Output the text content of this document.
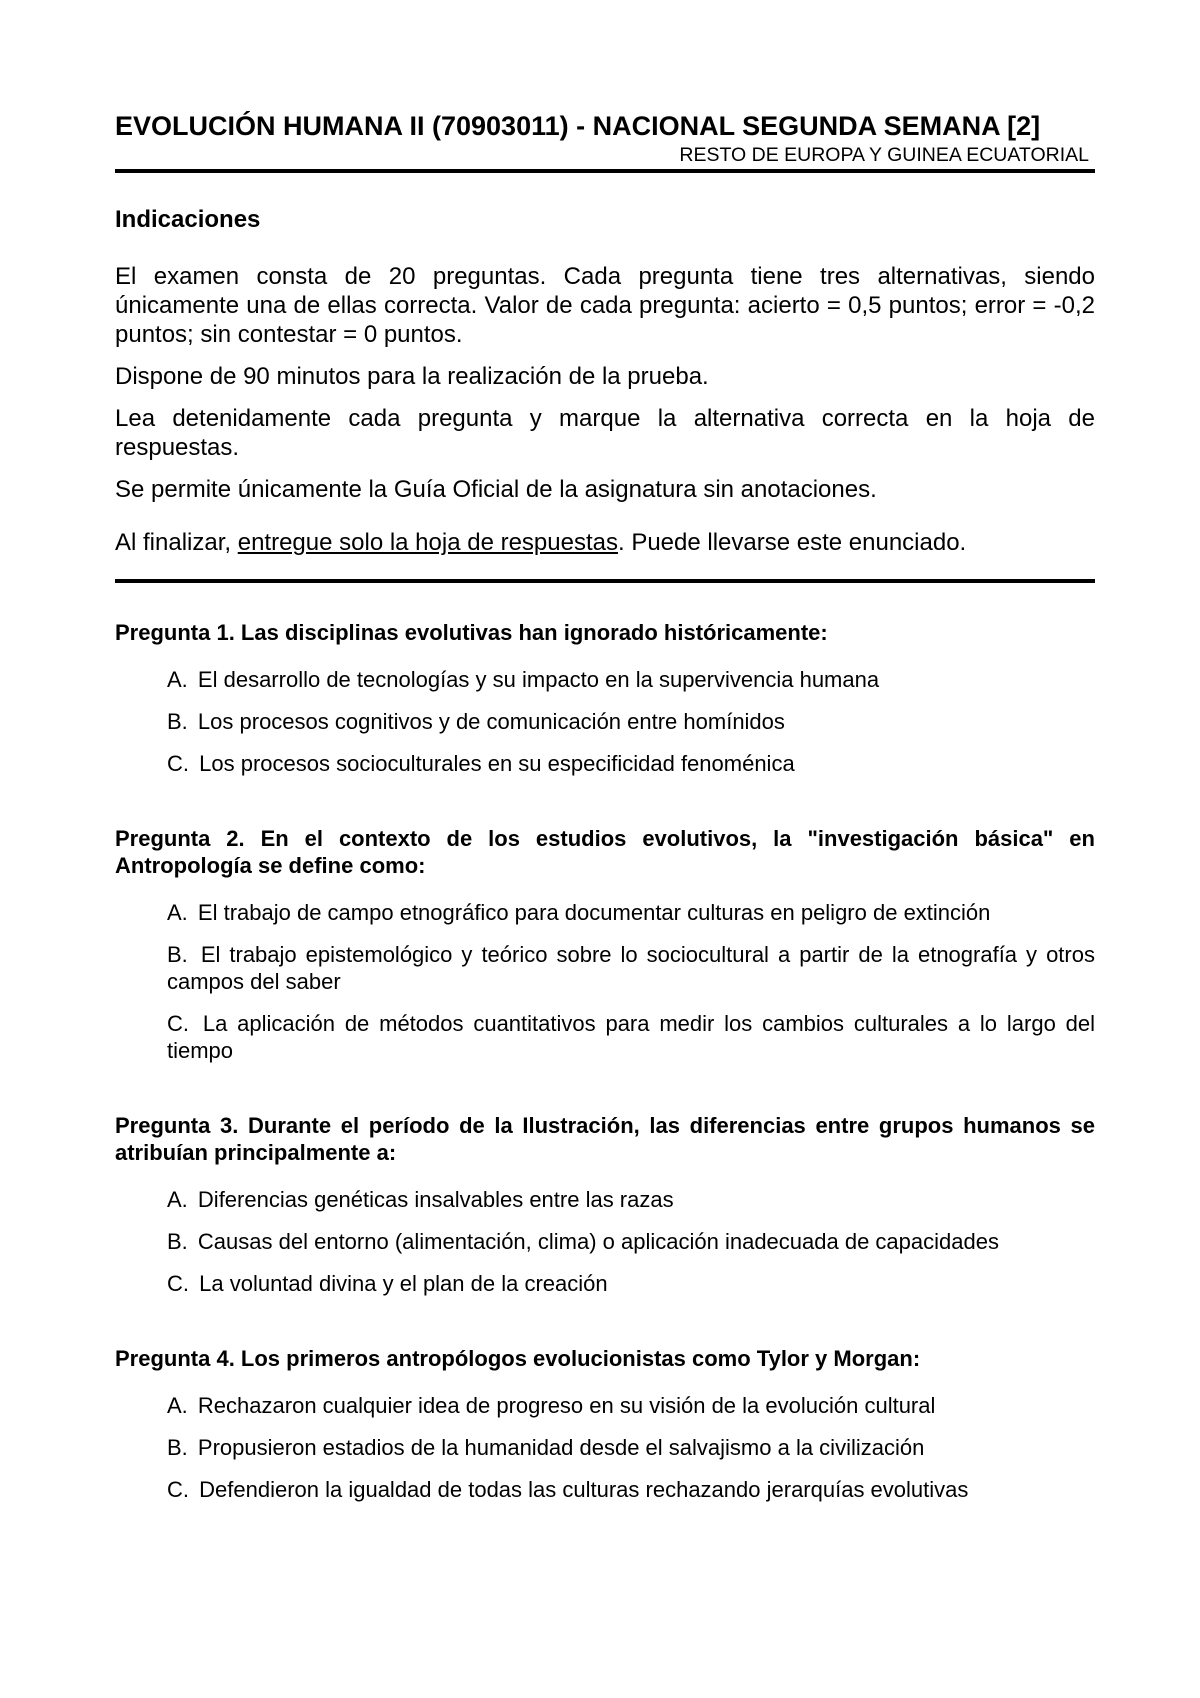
EVOLUCIÓN HUMANA II (70903011) - NACIONAL SEGUNDA SEMANA [2]
RESTO DE EUROPA Y GUINEA ECUATORIAL
Indicaciones

El examen consta de 20 preguntas. Cada pregunta tiene tres alternativas, siendo únicamente una de ellas correcta. Valor de cada pregunta: acierto = 0,5 puntos; error = -0,2 puntos; sin contestar = 0 puntos.

Dispone de 90 minutos para la realización de la prueba.

Lea detenidamente cada pregunta y marque la alternativa correcta en la hoja de respuestas.

Se permite únicamente la Guía Oficial de la asignatura sin anotaciones.

Al finalizar, entregue solo la hoja de respuestas. Puede llevarse este enunciado.

Pregunta 1. Las disciplinas evolutivas han ignorado históricamente:
A. El desarrollo de tecnologías y su impacto en la supervivencia humana
B. Los procesos cognitivos y de comunicación entre homínidos
C. Los procesos socioculturales en su especificidad fenoménica
Pregunta 2. En el contexto de los estudios evolutivos, la "investigación básica" en Antropología se define como:
A. El trabajo de campo etnográfico para documentar culturas en peligro de extinción
B. El trabajo epistemológico y teórico sobre lo sociocultural a partir de la etnografía y otros campos del saber
C. La aplicación de métodos cuantitativos para medir los cambios culturales a lo largo del tiempo
Pregunta 3. Durante el período de la Ilustración, las diferencias entre grupos humanos se atribuían principalmente a:
A. Diferencias genéticas insalvables entre las razas
B. Causas del entorno (alimentación, clima) o aplicación inadecuada de capacidades
C. La voluntad divina y el plan de la creación
Pregunta 4. Los primeros antropólogos evolucionistas como Tylor y Morgan:
A. Rechazaron cualquier idea de progreso en su visión de la evolución cultural
B. Propusieron estadios de la humanidad desde el salvajismo a la civilización
C. Defendieron la igualdad de todas las culturas rechazando jerarquías evolutivas
